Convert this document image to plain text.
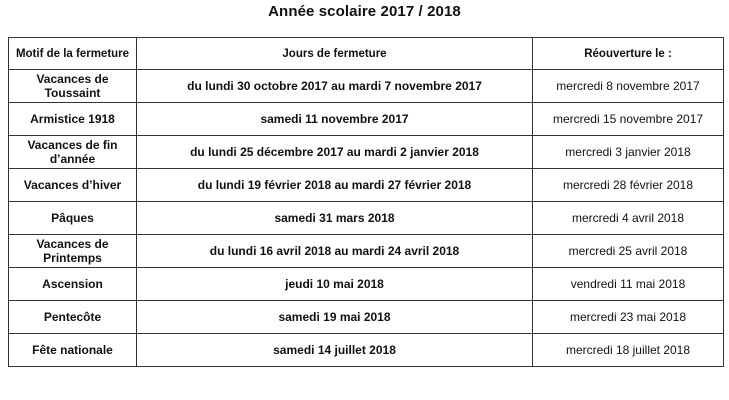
Année scolaire 2017 / 2018
Motif de la fermeture	Jours de fermeture	Réouverture le :
Vacances de Toussaint	du lundi 30 octobre 2017 au mardi 7 novembre 2017	mercredi 8 novembre 2017
Armistice 1918	samedi 11 novembre 2017	mercredi 15 novembre 2017
Vacances de fin d’année	du lundi 25 décembre 2017 au mardi 2 janvier 2018	mercredi 3 janvier 2018
Vacances d’hiver	du lundi 19 février 2018 au mardi 27 février 2018	mercredi 28 février 2018
Pâques	samedi 31 mars 2018	mercredi 4 avril 2018
Vacances de Printemps	du lundi 16 avril 2018 au mardi 24 avril 2018	mercredi 25 avril 2018
Ascension	jeudi 10 mai 2018	vendredi 11 mai 2018
Pentecôte	samedi 19 mai 2018	mercredi 23 mai 2018
Fête nationale	samedi 14 juillet 2018	mercredi 18 juillet 2018
